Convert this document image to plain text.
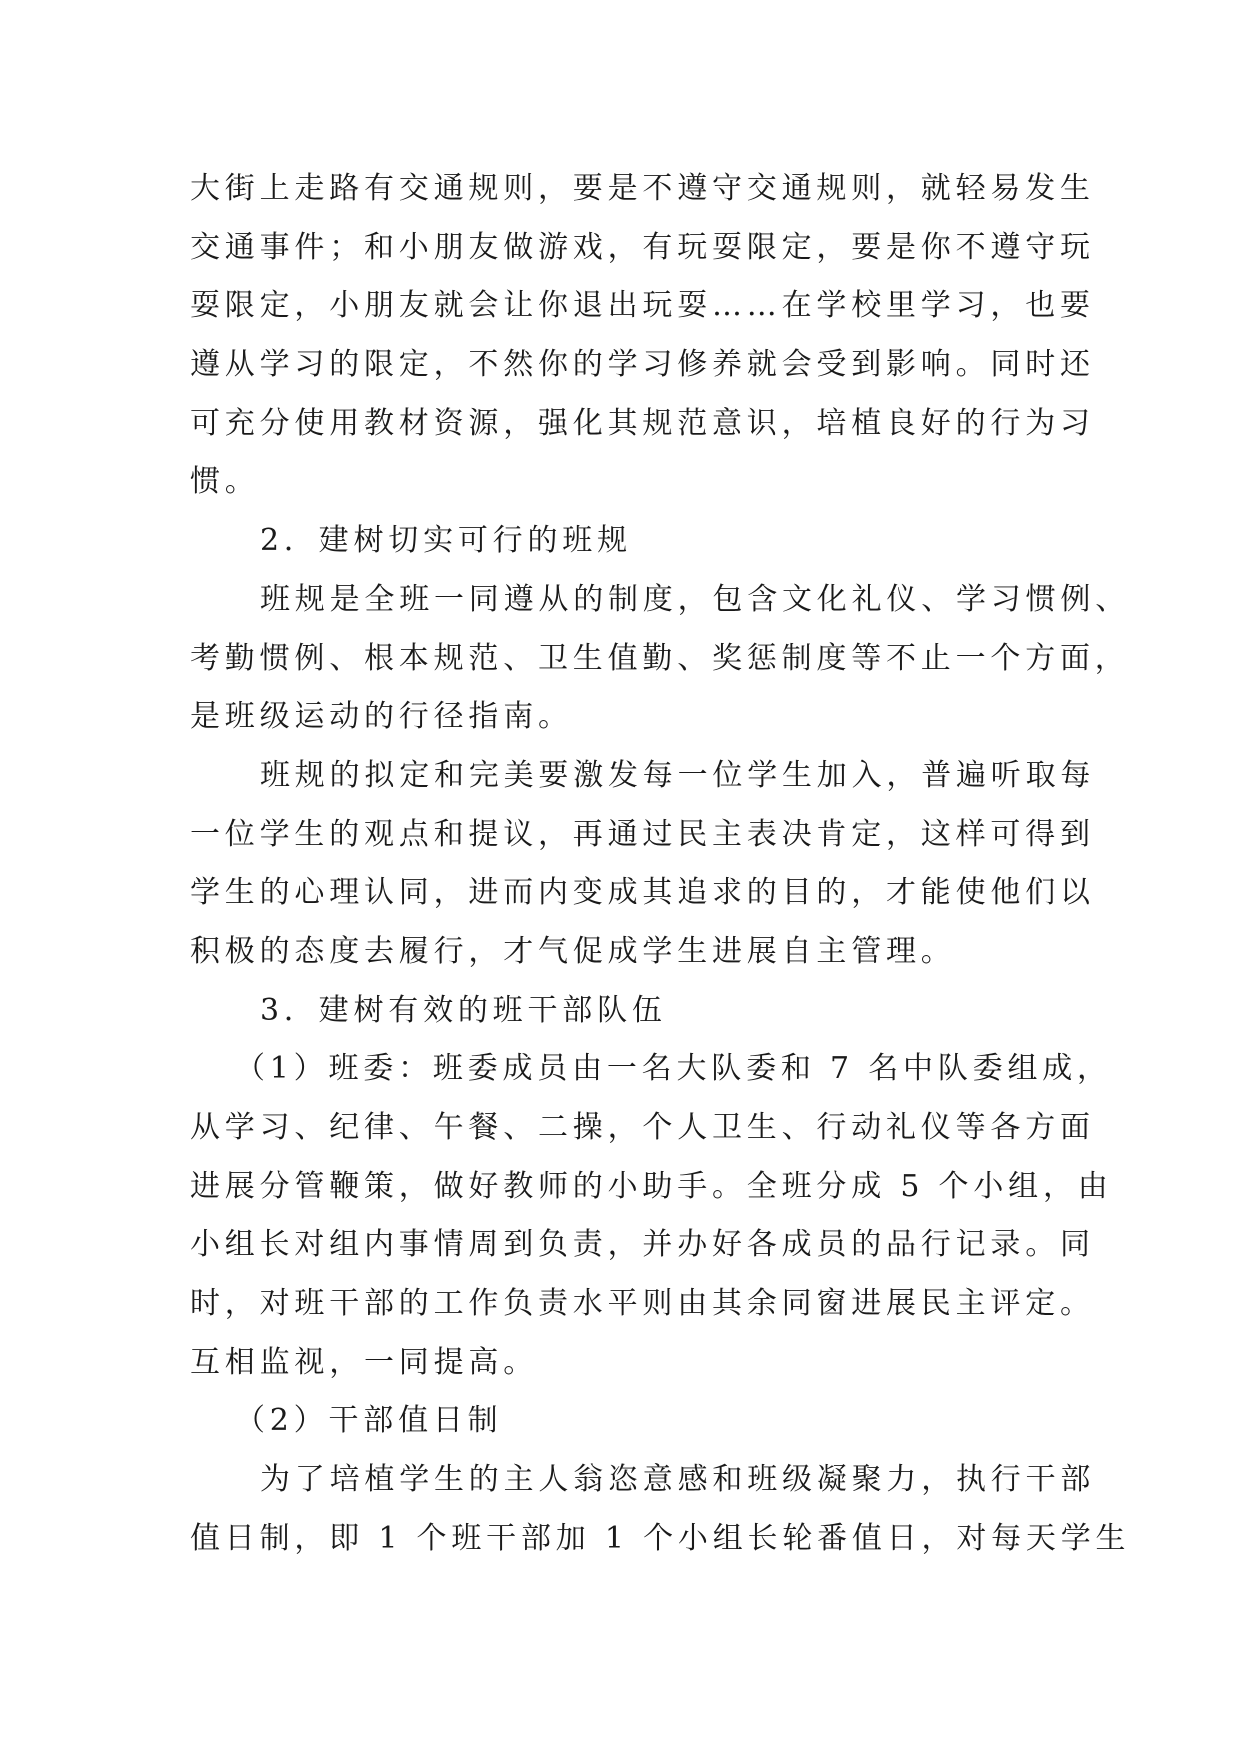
大街上走路有交通规则，要是不遵守交通规则，就轻易发生
交通事件；和小朋友做游戏，有玩耍限定，要是你不遵守玩
耍限定，小朋友就会让你退出玩耍……在学校里学习，也要
遵从学习的限定，不然你的学习修养就会受到影响。同时还
可充分使用教材资源，强化其规范意识，培植良好的行为习
惯。
2．建树切实可行的班规
班规是全班一同遵从的制度，包含文化礼仪、学习惯例、
考勤惯例、根本规范、卫生值勤、奖惩制度等不止一个方面，
是班级运动的行径指南。
班规的拟定和完美要激发每一位学生加入，普遍听取每
一位学生的观点和提议，再通过民主表决肯定，这样可得到
学生的心理认同，进而内变成其追求的目的，才能使他们以
积极的态度去履行，才气促成学生进展自主管理。
3．建树有效的班干部队伍
（1）班委：班委成员由一名大队委和 7 名中队委组成，
从学习、纪律、午餐、二操，个人卫生、行动礼仪等各方面
进展分管鞭策，做好教师的小助手。全班分成 5 个小组，由
小组长对组内事情周到负责，并办好各成员的品行记录。同
时，对班干部的工作负责水平则由其余同窗进展民主评定。
互相监视，一同提高。
（2）干部值日制
为了培植学生的主人翁恣意感和班级凝聚力，执行干部
值日制，即 1 个班干部加 1 个小组长轮番值日，对每天学生
